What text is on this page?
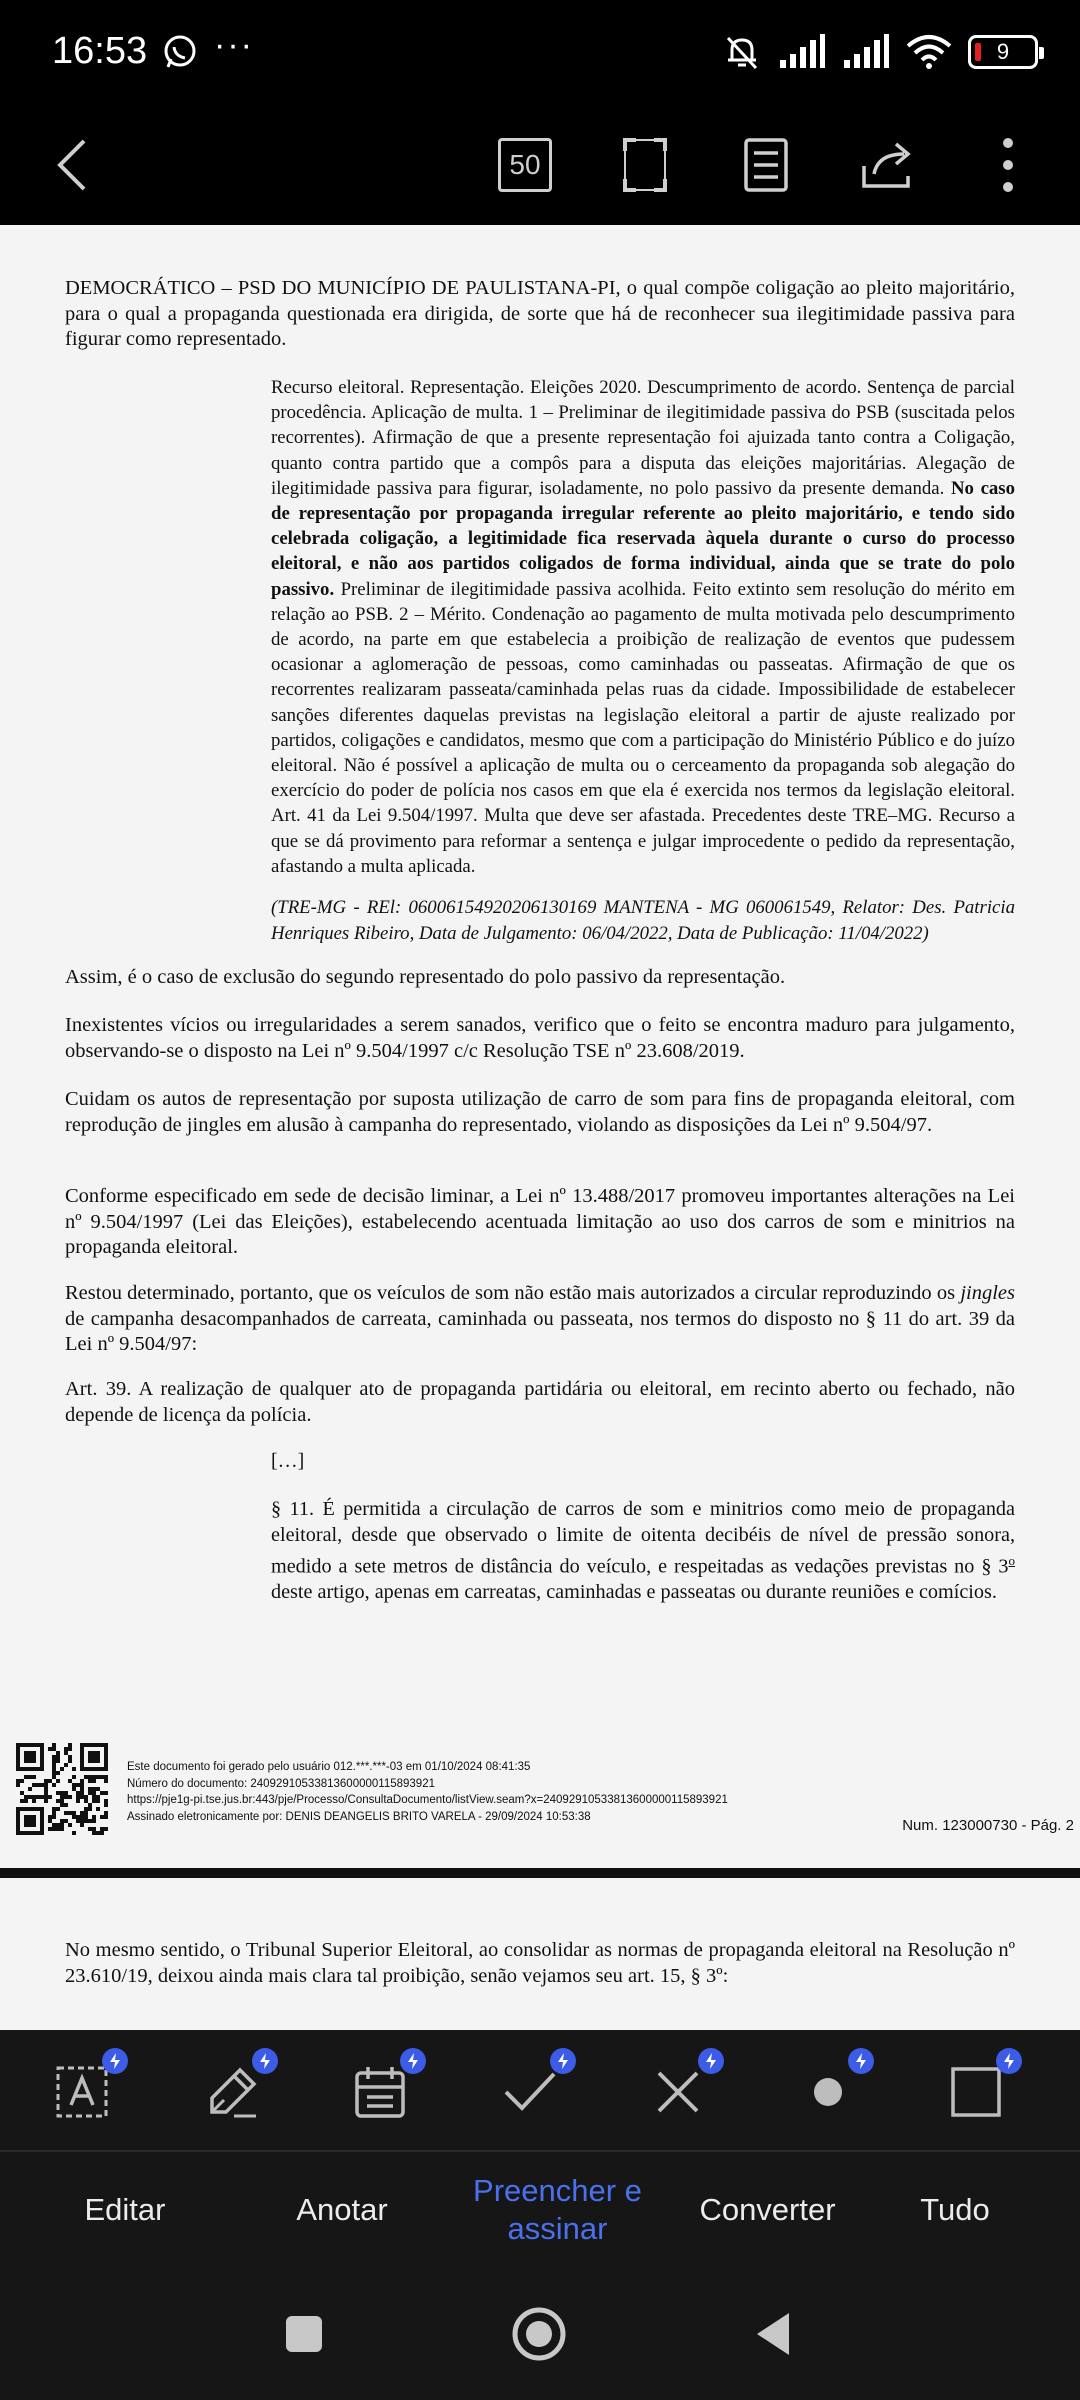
16:53 ···	9
50

DEMOCRÁTICO – PSD DO MUNICÍPIO DE PAULISTANA-PI, o qual compõe coligação ao pleito majoritário, para o qual a propaganda questionada era dirigida, de sorte que há de reconhecer sua ilegitimidade passiva para figurar como representado.

Recurso eleitoral. Representação. Eleições 2020. Descumprimento de acordo. Sentença de parcial procedência. Aplicação de multa. 1 – Preliminar de ilegitimidade passiva do PSB (suscitada pelos recorrentes). Afirmação de que a presente representação foi ajuizada tanto contra a Coligação, quanto contra partido que a compôs para a disputa das eleições majoritárias. Alegação de ilegitimidade passiva para figurar, isoladamente, no polo passivo da presente demanda. No caso de representação por propaganda irregular referente ao pleito majoritário, e tendo sido celebrada coligação, a legitimidade fica reservada àquela durante o curso do processo eleitoral, e não aos partidos coligados de forma individual, ainda que se trate do polo passivo. Preliminar de ilegitimidade passiva acolhida. Feito extinto sem resolução do mérito em relação ao PSB. 2 – Mérito. Condenação ao pagamento de multa motivada pelo descumprimento de acordo, na parte em que estabelecia a proibição de realização de eventos que pudessem ocasionar a aglomeração de pessoas, como caminhadas ou passeatas. Afirmação de que os recorrentes realizaram passeata/caminhada pelas ruas da cidade. Impossibilidade de estabelecer sanções diferentes daquelas previstas na legislação eleitoral a partir de ajuste realizado por partidos, coligações e candidatos, mesmo que com a participação do Ministério Público e do juízo eleitoral. Não é possível a aplicação de multa ou o cerceamento da propaganda sob alegação do exercício do poder de polícia nos casos em que ela é exercida nos termos da legislação eleitoral. Art. 41 da Lei 9.504/1997. Multa que deve ser afastada. Precedentes deste TRE–MG. Recurso a que se dá provimento para reformar a sentença e julgar improcedente o pedido da representação, afastando a multa aplicada.

(TRE-MG - REl: 06006154920206130169 MANTENA - MG 060061549, Relator: Des. Patricia Henriques Ribeiro, Data de Julgamento: 06/04/2022, Data de Publicação: 11/04/2022)

Assim, é o caso de exclusão do segundo representado do polo passivo da representação.

Inexistentes vícios ou irregularidades a serem sanados, verifico que o feito se encontra maduro para julgamento, observando-se o disposto na Lei nº 9.504/1997 c/c Resolução TSE nº 23.608/2019.

Cuidam os autos de representação por suposta utilização de carro de som para fins de propaganda eleitoral, com reprodução de jingles em alusão à campanha do representado, violando as disposições da Lei nº 9.504/97.

Conforme especificado em sede de decisão liminar, a Lei nº 13.488/2017 promoveu importantes alterações na Lei nº 9.504/1997 (Lei das Eleições), estabelecendo acentuada limitação ao uso dos carros de som e minitrios na propaganda eleitoral.

Restou determinado, portanto, que os veículos de som não estão mais autorizados a circular reproduzindo os jingles de campanha desacompanhados de carreata, caminhada ou passeata, nos termos do disposto no § 11 do art. 39 da Lei nº 9.504/97:

Art. 39. A realização de qualquer ato de propaganda partidária ou eleitoral, em recinto aberto ou fechado, não depende de licença da polícia.

[…]

§ 11. É permitida a circulação de carros de som e minitrios como meio de propaganda eleitoral, desde que observado o limite de oitenta decibéis de nível de pressão sonora, medido a sete metros de distância do veículo, e respeitadas as vedações previstas no § 3$^o$ deste artigo, apenas em carreatas, caminhadas e passeatas ou durante reuniões e comícios.

Este documento foi gerado pelo usuário 012.***.***-03 em 01/10/2024 08:41:35
Número do documento: 24092910533813600000115893921
https://pje1g-pi.tse.jus.br:443/pje/Processo/ConsultaDocumento/listView.seam?x=24092910533813600000115893921
Assinado eletronicamente por: DENIS DEANGELIS BRITO VARELA - 29/09/2024 10:53:38
Num. 123000730 - Pág. 2

No mesmo sentido, o Tribunal Superior Eleitoral, ao consolidar as normas de propaganda eleitoral na Resolução nº 23.610/19, deixou ainda mais clara tal proibição, senão vejamos seu art. 15, § 3º:

Editar	Anotar
Preencher e assinar
Converter	Tudo
